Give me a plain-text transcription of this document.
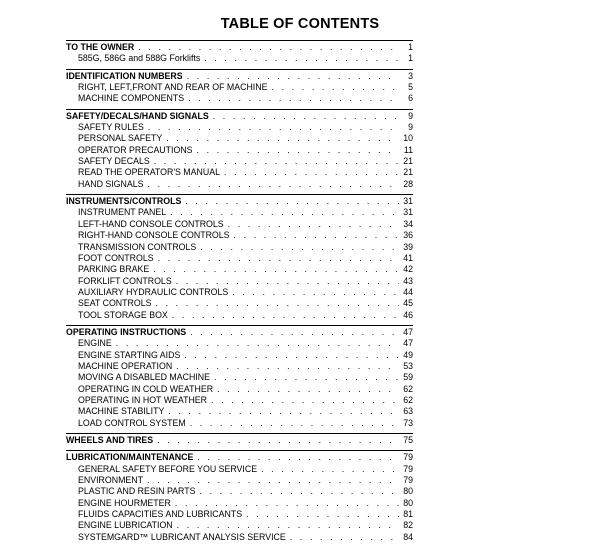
TABLE OF CONTENTS
TO THE OWNER . . .	1
585G, 586G and 588G Forklifts . . .	1
IDENTIFICATION NUMBERS . . .	3
RIGHT, LEFT,FRONT AND REAR OF MACHINE . . .	5
MACHINE COMPONENTS . . .	6
SAFETY/DECALS/HAND SIGNALS . . .	9
SAFETY RULES . . .	9
PERSONAL SAFETY . . .	10
OPERATOR PRECAUTIONS . . .	11
SAFETY DECALS . . .	21
READ THE OPERATOR'S MANUAL . . .	21
HAND SIGNALS . . .	28
INSTRUMENTS/CONTROLS . . .	31
INSTRUMENT PANEL . . .	31
LEFT-HAND CONSOLE CONTROLS . . .	34
RIGHT-HAND CONSOLE CONTROLS . . .	36
TRANSMISSION CONTROLS . . .	39
FOOT CONTROLS . . .	41
PARKING BRAKE . . .	42
FORKLIFT CONTROLS . . .	43
AUXILIARY HYDRAULIC CONTROLS . . .	44
SEAT CONTROLS . . .	45
TOOL STORAGE BOX . . .	46
OPERATING INSTRUCTIONS . . .	47
ENGINE . . .	47
ENGINE STARTING AIDS . . .	49
MACHINE OPERATION . . .	53
MOVING A DISABLED MACHINE . . .	59
OPERATING IN COLD WEATHER . . .	62
OPERATING IN HOT WEATHER . . .	62
MACHINE STABILITY . . .	63
LOAD CONTROL SYSTEM . . .	73
WHEELS AND TIRES . . .	75
LUBRICATION/MAINTENANCE . . .	79
GENERAL SAFETY BEFORE YOU SERVICE . . .	79
ENVIRONMENT . . .	79
PLASTIC AND RESIN PARTS . . .	80
ENGINE HOURMETER . . .	80
FLUIDS CAPACITIES AND LUBRICANTS . . .	81
ENGINE LUBRICATION . . .	82
SYSTEMGARD™ LUBRICANT ANALYSIS SERVICE . . .	84
